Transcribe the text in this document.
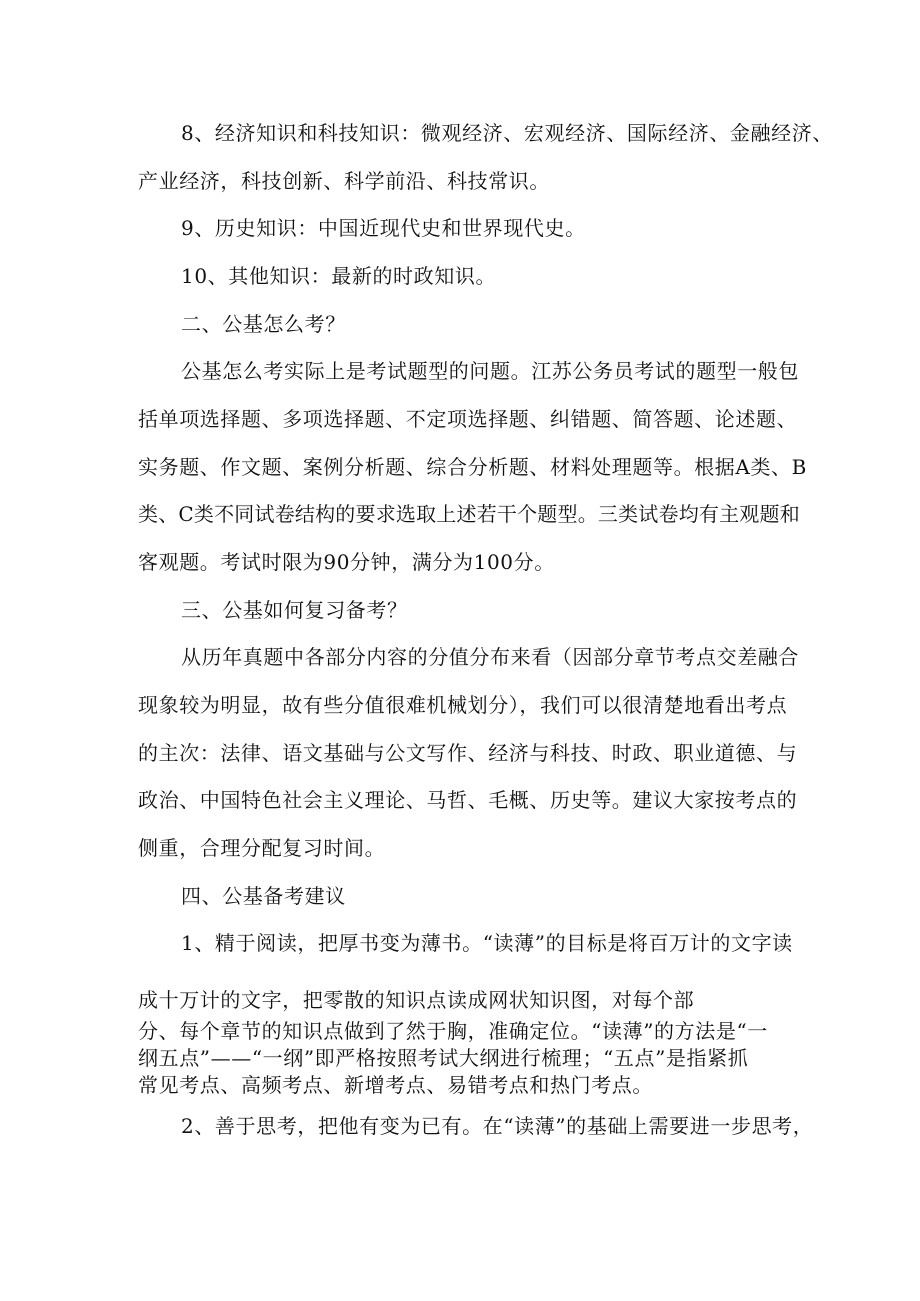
8、经济知识和科技知识：微观经济、宏观经济、国际经济、金融经济、
产业经济，科技创新、科学前沿、科技常识。
9、历史知识：中国近现代史和世界现代史。
10、其他知识：最新的时政知识。
二、公基怎么考？
公基怎么考实际上是考试题型的问题。江苏公务员考试的题型一般包
括单项选择题、多项选择题、不定项选择题、纠错题、简答题、论述题、
实务题、作文题、案例分析题、综合分析题、材料处理题等。根据A类、B
类、C类不同试卷结构的要求选取上述若干个题型。三类试卷均有主观题和
客观题。考试时限为90分钟，满分为100分。
三、公基如何复习备考？
从历年真题中各部分内容的分值分布来看（因部分章节考点交差融合
现象较为明显，故有些分值很难机械划分），我们可以很清楚地看出考点
的主次：法律、语文基础与公文写作、经济与科技、时政、职业道德、与
政治、中国特色社会主义理论、马哲、毛概、历史等。建议大家按考点的
侧重，合理分配复习时间。
四、公基备考建议
1、精于阅读，把厚书变为薄书。“读薄”的目标是将百万计的文字读
成十万计的文字，把零散的知识点读成网状知识图，对每个部
分、每个章节的知识点做到了然于胸，准确定位。“读薄”的方法是“一
纲五点”——“一纲”即严格按照考试大纲进行梳理；“五点”是指紧抓
常见考点、高频考点、新增考点、易错考点和热门考点。
2、善于思考，把他有变为已有。在“读薄”的基础上需要进一步思考，
